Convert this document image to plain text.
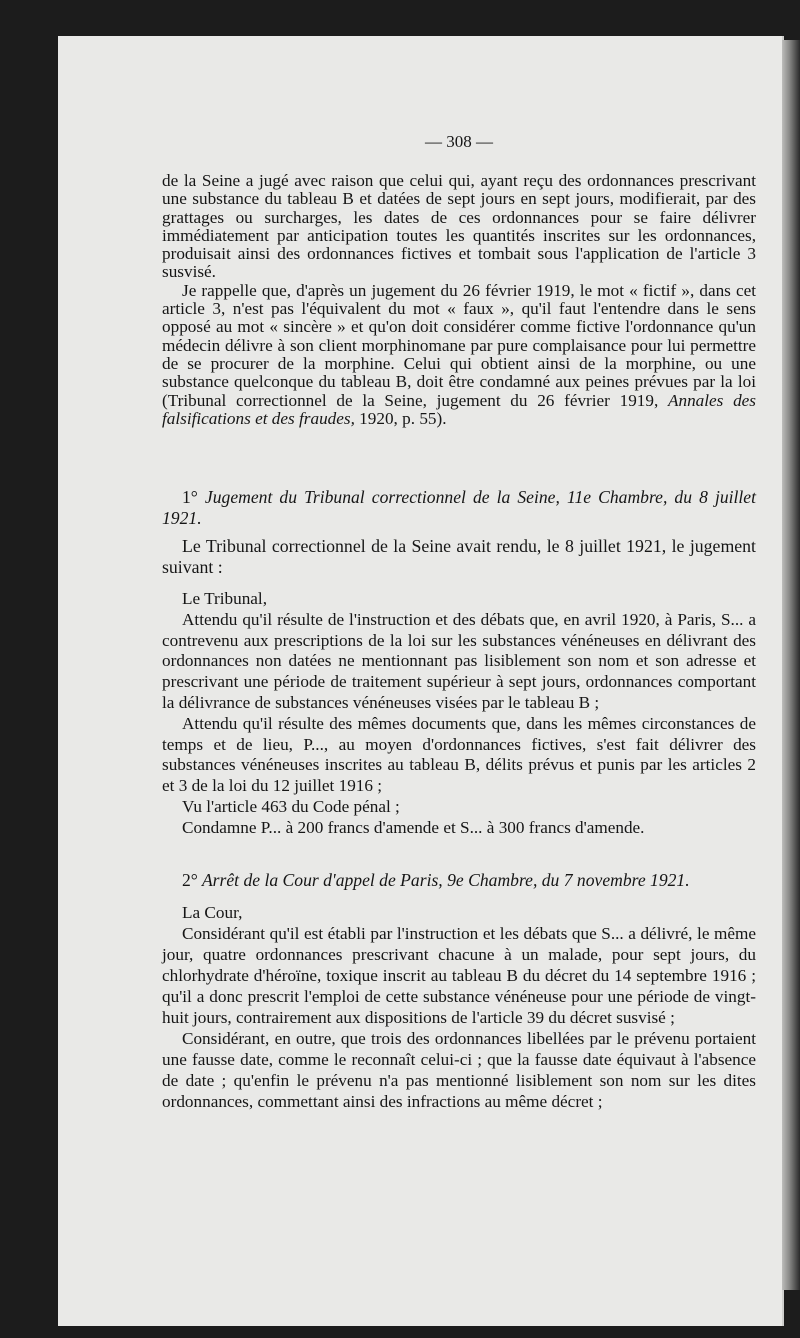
— 308 —

de la Seine a jugé avec raison que celui qui, ayant reçu des ordonnances prescrivant une substance du tableau B et datées de sept jours en sept jours, modifierait, par des grattages ou surcharges, les dates de ces ordonnances pour se faire délivrer immédiatement par anticipation toutes les quantités inscrites sur les ordonnances, produisait ainsi des ordonnances fictives et tombait sous l'application de l'article 3 susvisé.

Je rappelle que, d'après un jugement du 26 février 1919, le mot « fictif », dans cet article 3, n'est pas l'équivalent du mot « faux », qu'il faut l'entendre dans le sens opposé au mot « sincère » et qu'on doit considérer comme fictive l'ordonnance qu'un médecin délivre à son client morphinomane par pure complaisance pour lui permettre de se procurer de la morphine. Celui qui obtient ainsi de la morphine, ou une substance quelconque du tableau B, doit être condamné aux peines prévues par la loi (Tribunal correctionnel de la Seine, jugement du 26 février 1919, Annales des falsifications et des fraudes, 1920, p. 55).

1° Jugement du Tribunal correctionnel de la Seine, 11e Chambre, du 8 juillet 1921.

Le Tribunal correctionnel de la Seine avait rendu, le 8 juillet 1921, le jugement suivant :

Le Tribunal,

Attendu qu'il résulte de l'instruction et des débats que, en avril 1920, à Paris, S... a contrevenu aux prescriptions de la loi sur les substances vénéneuses en délivrant des ordonnances non datées ne mentionnant pas lisiblement son nom et son adresse et prescrivant une période de traitement supérieur à sept jours, ordonnances comportant la délivrance de substances vénéneuses visées par le tableau B ;

Attendu qu'il résulte des mêmes documents que, dans les mêmes circonstances de temps et de lieu, P..., au moyen d'ordonnances fictives, s'est fait délivrer des substances vénéneuses inscrites au tableau B, délits prévus et punis par les articles 2 et 3 de la loi du 12 juillet 1916 ;

Vu l'article 463 du Code pénal ;

Condamne P... à 200 francs d'amende et S... à 300 francs d'amende.

2° Arrêt de la Cour d'appel de Paris, 9e Chambre, du 7 novembre 1921.

La Cour,

Considérant qu'il est établi par l'instruction et les débats que S... a délivré, le même jour, quatre ordonnances prescrivant chacune à un malade, pour sept jours, du chlorhydrate d'héroïne, toxique inscrit au tableau B du décret du 14 septembre 1916 ; qu'il a donc prescrit l'emploi de cette substance vénéneuse pour une période de vingt-huit jours, contrairement aux dispositions de l'article 39 du décret susvisé ;

Considérant, en outre, que trois des ordonnances libellées par le prévenu portaient une fausse date, comme le reconnaît celui-ci ; que la fausse date équivaut à l'absence de date ; qu'enfin le prévenu n'a pas mentionné lisiblement son nom sur les dites ordonnances, commettant ainsi des infractions au même décret ;
